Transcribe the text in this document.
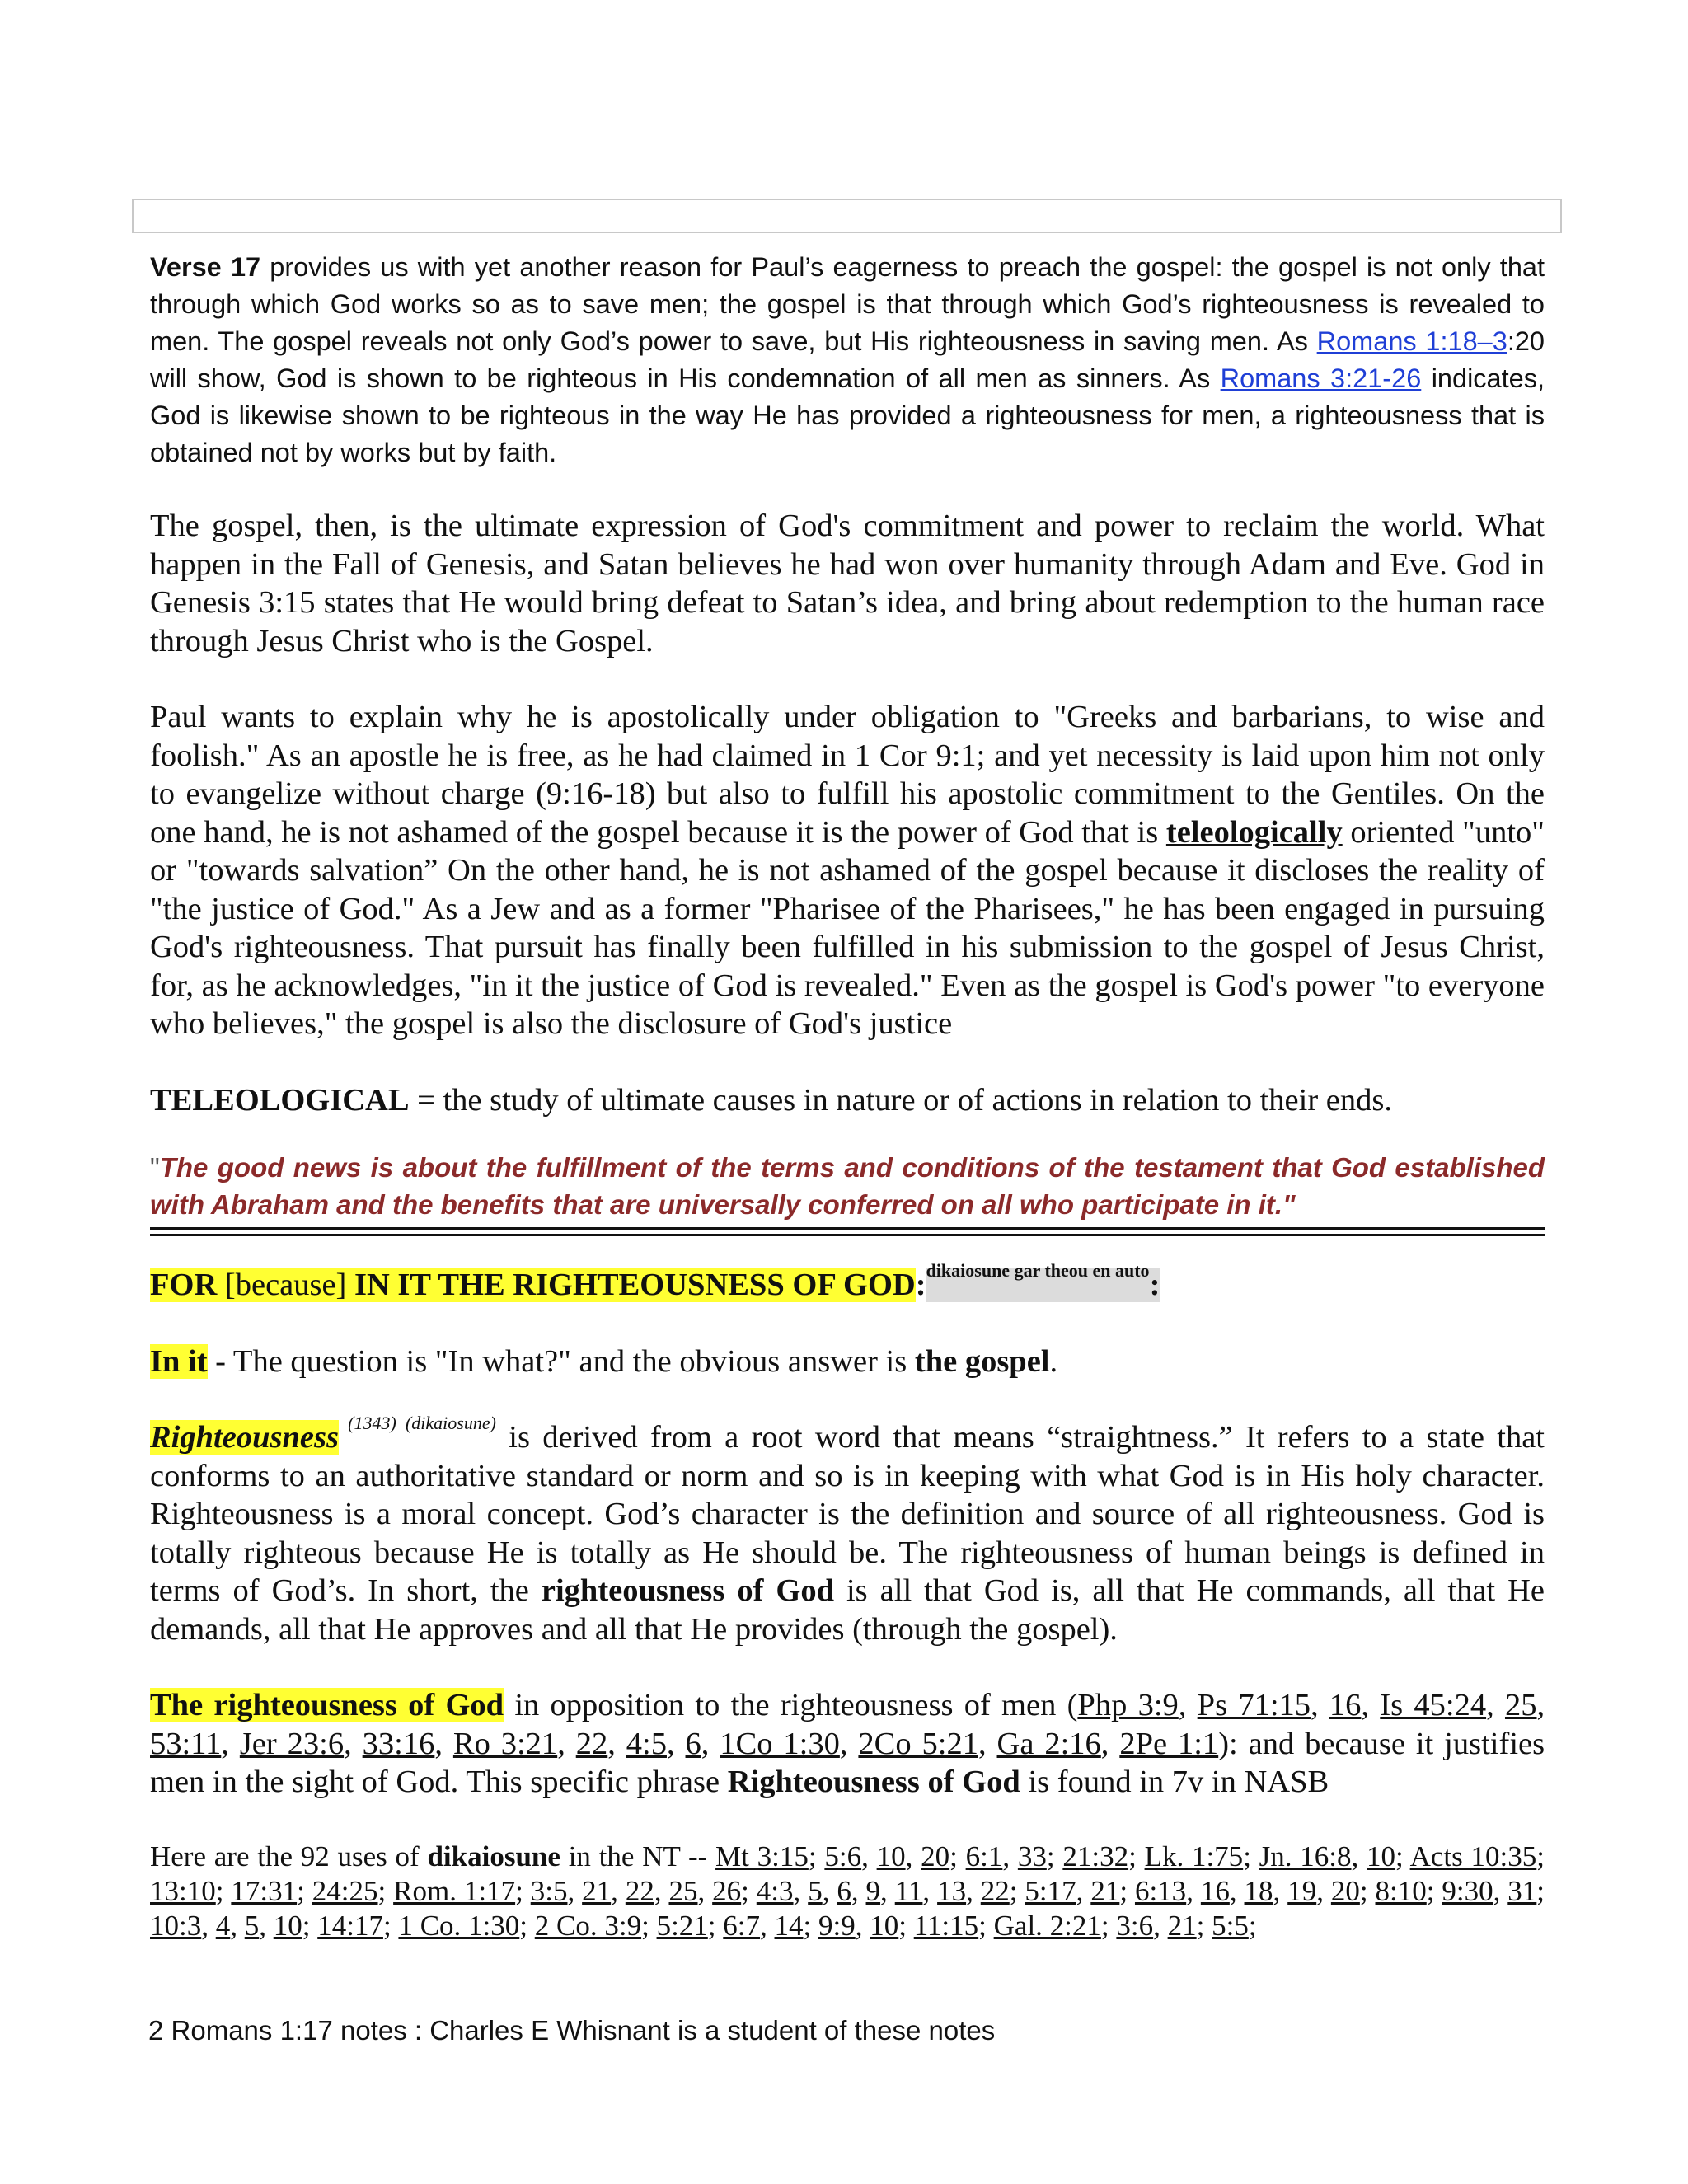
Verse 17 provides us with yet another reason for Paul’s eagerness to preach the gospel: the gospel is not only that through which God works so as to save men; the gospel is that through which God’s righteousness is revealed to men. The gospel reveals not only God’s power to save, but His righteousness in saving men. As Romans 1:18–3:20 will show, God is shown to be righteous in His condemnation of all men as sinners. As Romans 3:21-26 indicates, God is likewise shown to be righteous in the way He has provided a righteousness for men, a righteousness that is obtained not by works but by faith.

The gospel, then, is the ultimate expression of God's commitment and power to reclaim the world. What happen in the Fall of Genesis, and Satan believes he had won over humanity through Adam and Eve. God in Genesis 3:15 states that He would bring defeat to Satan’s idea, and bring about redemption to the human race through Jesus Christ who is the Gospel.

Paul wants to explain why he is apostolically under obligation to "Greeks and barbarians, to wise and foolish." As an apostle he is free, as he had claimed in 1 Cor 9:1; and yet necessity is laid upon him not only to evangelize without charge (9:16-18) but also to fulfill his apostolic commitment to the Gentiles. On the one hand, he is not ashamed of the gospel because it is the power of God that is teleologically oriented "unto" or "towards salvation” On the other hand, he is not ashamed of the gospel because it discloses the reality of "the justice of God." As a Jew and as a former "Pharisee of the Pharisees," he has been engaged in pursuing God's righteousness. That pursuit has finally been fulfilled in his submission to the gospel of Jesus Christ, for, as he acknowledges, "in it the justice of God is revealed." Even as the gospel is God's power "to everyone who believes," the gospel is also the disclosure of God's justice

TELEOLOGICAL = the study of ultimate causes in nature or of actions in relation to their ends.

"The good news is about the fulfillment of the terms and conditions of the testament that God established with Abraham and the benefits that are universally conferred on all who participate in it."

FOR [because] IN IT THE RIGHTEOUSNESS OF GOD:$^{dikaiosune gar theou en auto}$:

In it - The question is "In what?" and the obvious answer is the gospel.

Righteousness $^{(1343) (dikaiosune)}$ is derived from a root word that means “straightness.” It refers to a state that conforms to an authoritative standard or norm and so is in keeping with what God is in His holy character. Righteousness is a moral concept. God’s character is the definition and source of all righteousness. God is totally righteous because He is totally as He should be. The righteousness of human beings is defined in terms of God’s. In short, the righteousness of God is all that God is, all that He commands, all that He demands, all that He approves and all that He provides (through the gospel).

The righteousness of God in opposition to the righteousness of men (Php 3:9, Ps 71:15, 16, Is 45:24, 25, 53:11, Jer 23:6, 33:16, Ro 3:21, 22, 4:5, 6, 1Co 1:30, 2Co 5:21, Ga 2:16, 2Pe 1:1): and because it justifies men in the sight of God. This specific phrase Righteousness of God is found in 7v in NASB

Here are the 92 uses of dikaiosune in the NT -- Mt 3:15; 5:6, 10, 20; 6:1, 33; 21:32; Lk. 1:75; Jn. 16:8, 10; Acts 10:35; 13:10; 17:31; 24:25; Rom. 1:17; 3:5, 21, 22, 25, 26; 4:3, 5, 6, 9, 11, 13, 22; 5:17, 21; 6:13, 16, 18, 19, 20; 8:10; 9:30, 31; 10:3, 4, 5, 10; 14:17; 1 Co. 1:30; 2 Co. 3:9; 5:21; 6:7, 14; 9:9, 10; 11:15; Gal. 2:21; 3:6, 21; 5:5;

2 Romans 1:17 notes : Charles E Whisnant is a student of these notes
